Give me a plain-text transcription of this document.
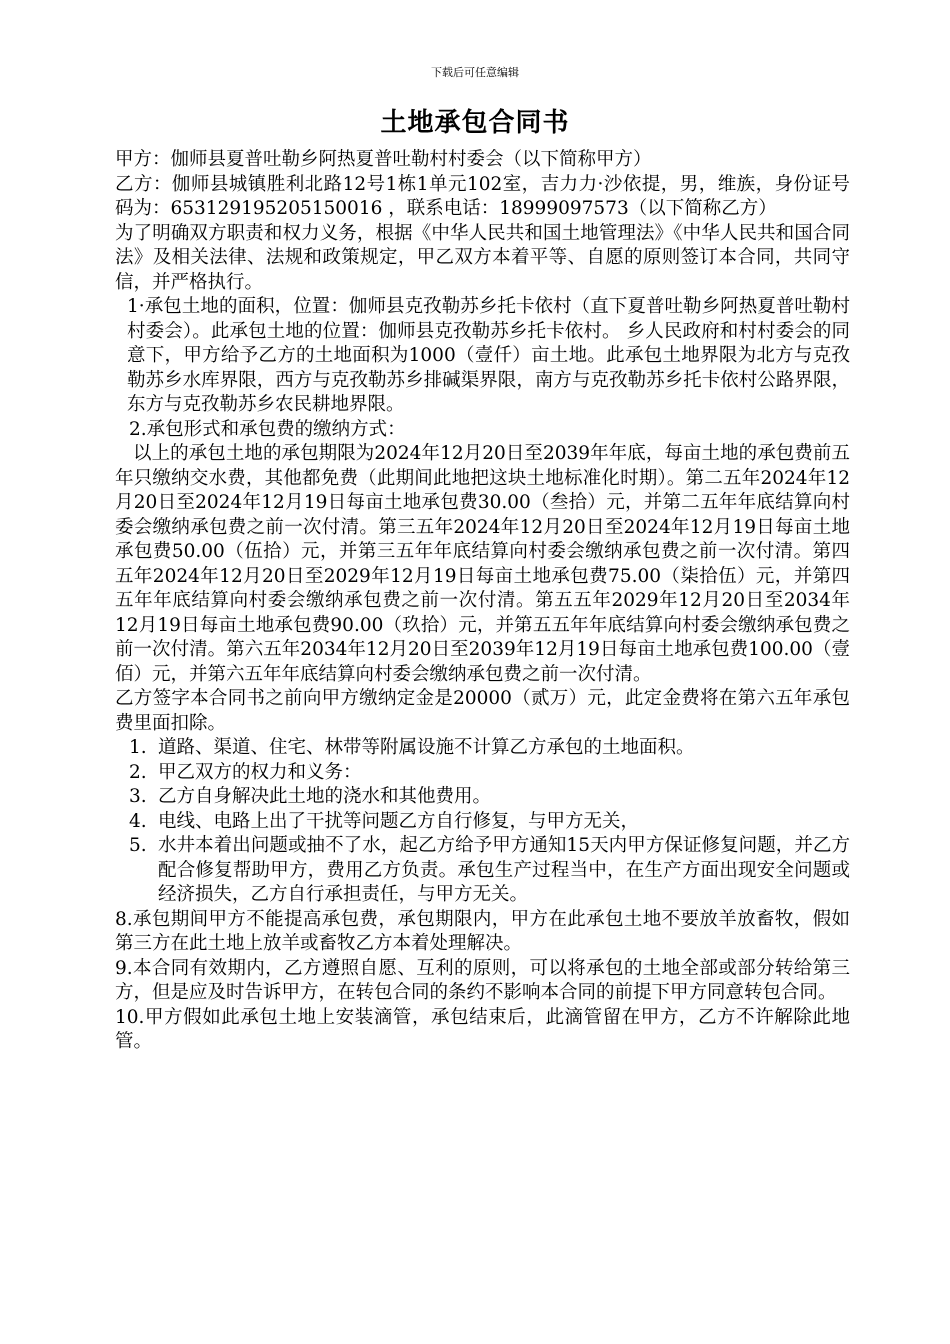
下载后可任意编辑
土地承包合同书

甲方：伽师县夏普吐勒乡阿热夏普吐勒村村委会（以下简称甲方）

乙方：伽师县城镇胜利北路12号1栋1单元102室，吉力力·沙依提，男，维族，身份证号码为：653129195205150016 ，联系电话：18999097573（以下简称乙方）

为了明确双方职责和权力义务，根据《中华人民共和国土地管理法》《中华人民共和国合同法》及相关法律、法规和政策规定，甲乙双方本着平等、自愿的原则签订本合同，共同守信，并严格执行。

1·承包土地的面积，位置：伽师县克孜勒苏乡托卡依村（直下夏普吐勒乡阿热夏普吐勒村村委会）。此承包土地的位置：伽师县克孜勒苏乡托卡依村。 乡人民政府和村村委会的同意下，甲方给予乙方的土地面积为1000（壹仟）亩土地。此承包土地界限为北方与克孜勒苏乡水库界限，西方与克孜勒苏乡排碱渠界限，南方与克孜勒苏乡托卡依村公路界限，东方与克孜勒苏乡农民耕地界限。

2.承包形式和承包费的缴纳方式：

以上的承包土地的承包期限为2024年12月20日至2039年年底，每亩土地的承包费前五年只缴纳交水费，其他都免费（此期间此地把这块土地标准化时期）。第二五年2024年12月20日至2024年12月19日每亩土地承包费30.00（叁拾）元，并第二五年年底结算向村委会缴纳承包费之前一次付清。第三五年2024年12月20日至2024年12月19日每亩土地承包费50.00（伍拾）元，并第三五年年底结算向村委会缴纳承包费之前一次付清。第四五年2024年12月20日至2029年12月19日每亩土地承包费75.00（柒拾伍）元，并第四五年年底结算向村委会缴纳承包费之前一次付清。第五五年2029年12月20日至2034年12月19日每亩土地承包费90.00（玖拾）元，并第五五年年底结算向村委会缴纳承包费之前一次付清。第六五年2034年12月20日至2039年12月19日每亩土地承包费100.00（壹佰）元，并第六五年年底结算向村委会缴纳承包费之前一次付清。

乙方签字本合同书之前向甲方缴纳定金是20000（贰万）元，此定金费将在第六五年承包费里面扣除。

1. 道路、渠道、住宅、林带等附属设施不计算乙方承包的土地面积。
2. 甲乙双方的权力和义务：
3. 乙方自身解决此土地的浇水和其他费用。
4. 电线、电路上出了干扰等问题乙方自行修复，与甲方无关，
5. 水井本着出问题或抽不了水，起乙方给予甲方通知15天内甲方保证修复问题，并乙方配合修复帮助甲方，费用乙方负责。承包生产过程当中，在生产方面出现安全问题或经济损失，乙方自行承担责任，与甲方无关。

8.承包期间甲方不能提高承包费，承包期限内，甲方在此承包土地不要放羊放畜牧，假如第三方在此土地上放羊或畜牧乙方本着处理解决。

9.本合同有效期内，乙方遵照自愿、互利的原则，可以将承包的土地全部或部分转给第三方，但是应及时告诉甲方，在转包合同的条约不影响本合同的前提下甲方同意转包合同。

10.甲方假如此承包土地上安装滴管，承包结束后，此滴管留在甲方，乙方不许解除此地管。
